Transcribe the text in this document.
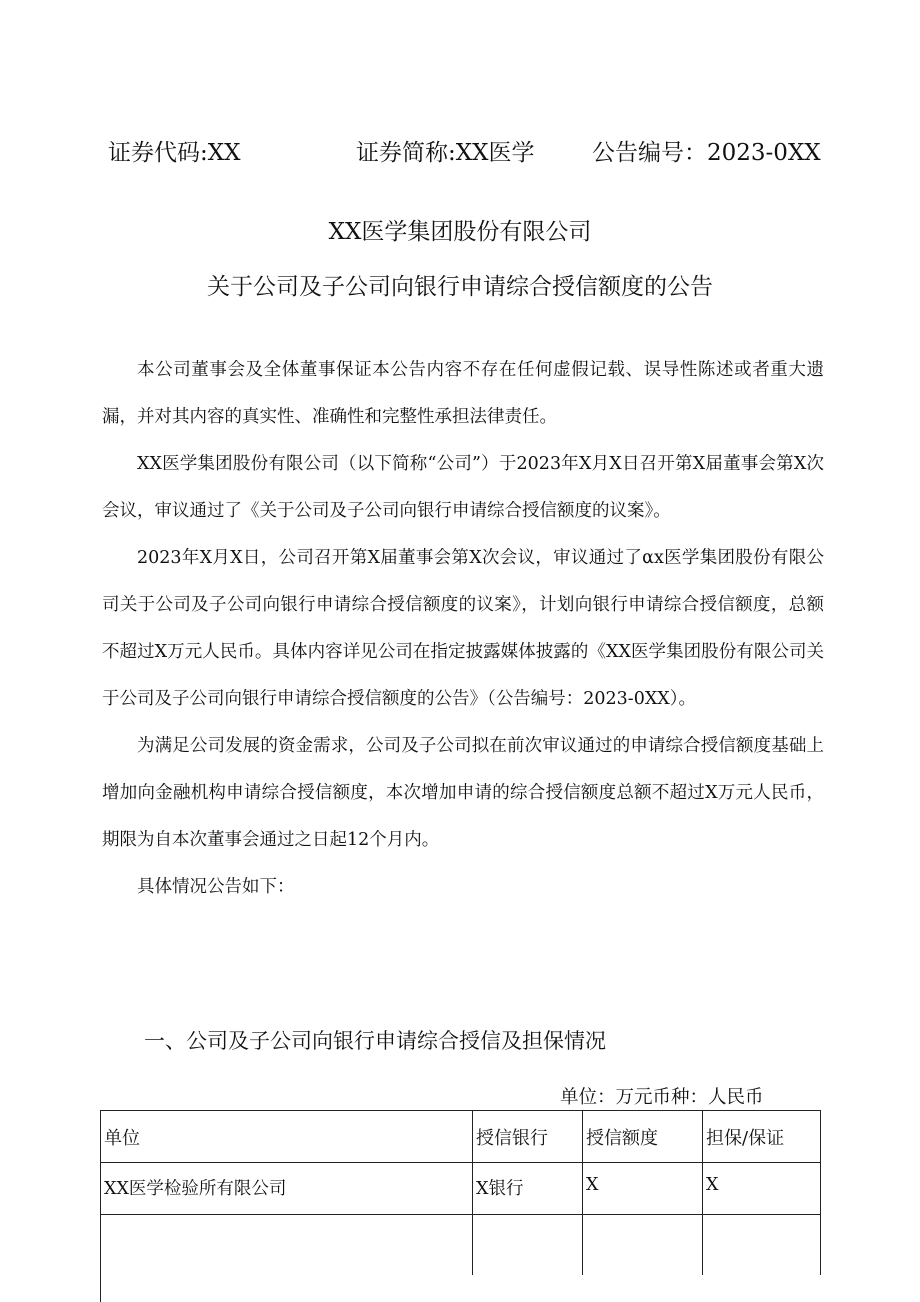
证券代码:XX	证券简称:XX医学	公告编号：2023-0XX
XX医学集团股份有限公司
关于公司及子公司向银行申请综合授信额度的公告

本公司董事会及全体董事保证本公告内容不存在任何虚假记载、误导性陈述或者重大遗漏，并对其内容的真实性、准确性和完整性承担法律责任。

XX医学集团股份有限公司（以下简称“公司”）于2023年X月X日召开第X届董事会第X次会议，审议通过了《关于公司及子公司向银行申请综合授信额度的议案》。

2023年X月X日，公司召开第X届董事会第X次会议，审议通过了αx医学集团股份有限公司关于公司及子公司向银行申请综合授信额度的议案》，计划向银行申请综合授信额度，总额不超过X万元人民币。具体内容详见公司在指定披露媒体披露的《XX医学集团股份有限公司关于公司及子公司向银行申请综合授信额度的公告》（公告编号：2023-0XX）。

为满足公司发展的资金需求，公司及子公司拟在前次审议通过的申请综合授信额度基础上增加向金融机构申请综合授信额度，本次增加申请的综合授信额度总额不超过X万元人民币，期限为自本次董事会通过之日起12个月内。

具体情况公告如下：

一、公司及子公司向银行申请综合授信及担保情况
单位：万元币种：人民币
单位	授信银行	授信额度	担保/保证
XX医学检验所有限公司	X银行	X	X
